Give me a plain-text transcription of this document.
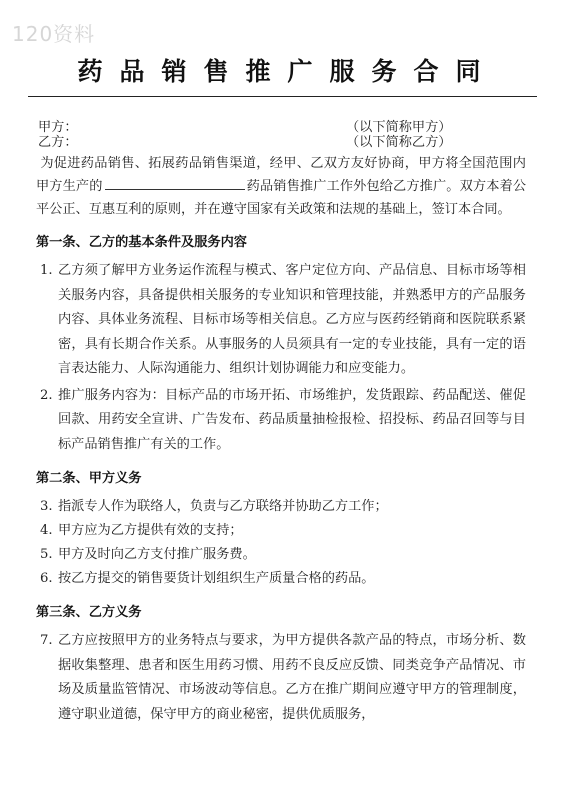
120资料
药品销售推广服务合同
甲方：	（以下简称甲方）
乙方：	（以下简称乙方）

为促进药品销售、拓展药品销售渠道，经甲、乙双方友好协商，甲方将全国范围内甲方生产的	药品销售推广工作外包给乙方推广。双方本着公平公正、互惠互利的原则，并在遵守国家有关政策和法规的基础上，签订本合同。

第一条、乙方的基本条件及服务内容
1. 乙方须了解甲方业务运作流程与模式、客户定位方向、产品信息、目标市场等相关服务内容，具备提供相关服务的专业知识和管理技能，并熟悉甲方的产品服务内容、具体业务流程、目标市场等相关信息。乙方应与医药经销商和医院联系紧密，具有长期合作关系。从事服务的人员须具有一定的专业技能，具有一定的语言表达能力、人际沟通能力、组织计划协调能力和应变能力。
2. 推广服务内容为：目标产品的市场开拓、市场维护，发货跟踪、药品配送、催促回款、用药安全宣讲、广告发布、药品质量抽检报检、招投标、药品召回等与目标产品销售推广有关的工作。
第二条、甲方义务
3. 指派专人作为联络人，负责与乙方联络并协助乙方工作；
4. 甲方应为乙方提供有效的支持；
5. 甲方及时向乙方支付推广服务费。
6. 按乙方提交的销售要货计划组织生产质量合格的药品。
第三条、乙方义务
7. 乙方应按照甲方的业务特点与要求，为甲方提供各款产品的特点，市场分析、数据收集整理、患者和医生用药习惯、用药不良反应反馈、同类竞争产品情况、市场及质量监管情况、市场波动等信息。乙方在推广期间应遵守甲方的管理制度，遵守职业道德，保守甲方的商业秘密，提供优质服务，
